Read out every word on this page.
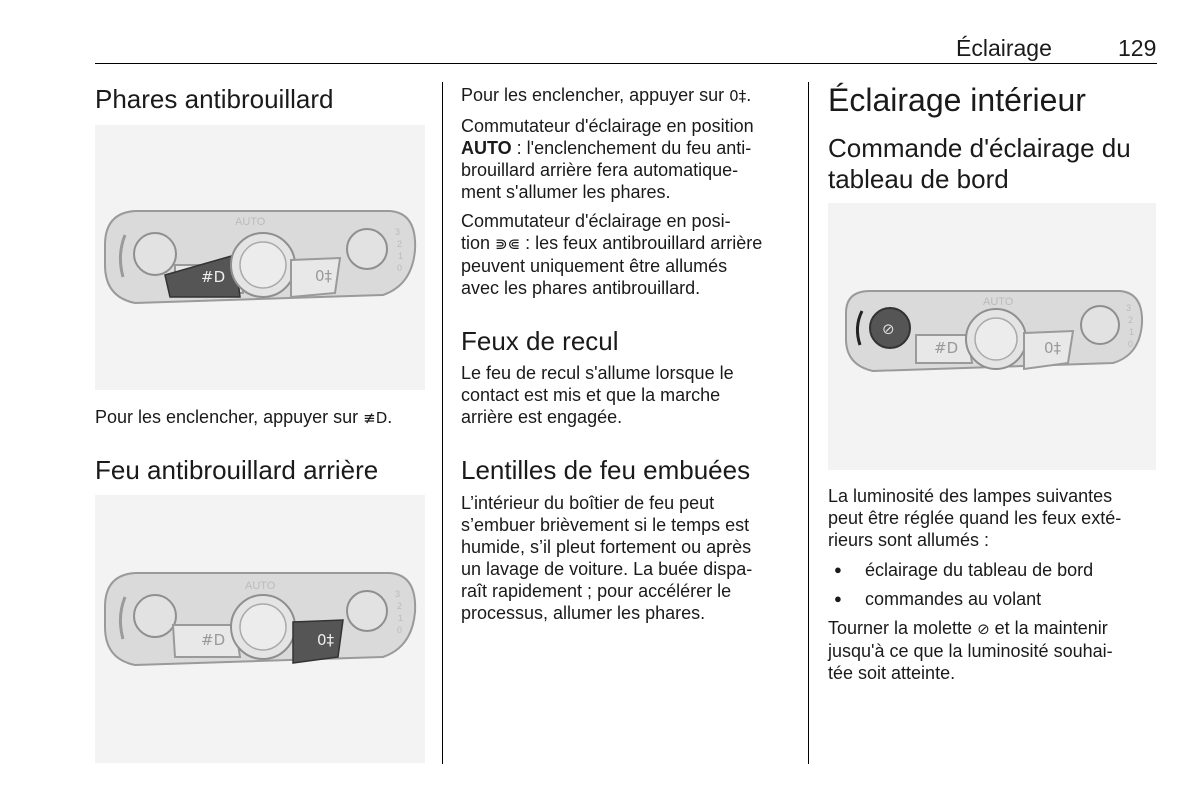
Éclairage	129
Phares antibrouillard
#D	0‡
AUTO
3
2
1
0

Pour les enclencher, appuyer sur ≢D.

Feu antibrouillard arrière
#D	0‡
AUTO
3
2
1
0

Pour les enclencher, appuyer sur 0‡.

Commutateur d'éclairage en position

AUTO : l'enclenchement du feu anti-

brouillard arrière fera automatique-

ment s'allumer les phares.

Commutateur d'éclairage en posi-

tion ⋑⋐ : les feux antibrouillard arrière

peuvent uniquement être allumés

avec les phares antibrouillard.

Feux de recul

Le feu de recul s'allume lorsque le

contact est mis et que la marche

arrière est engagée.

Lentilles de feu embuées

L’intérieur du boîtier de feu peut

s’embuer brièvement si le temps est

humide, s’il pleut fortement ou après

un lavage de voiture. La buée dispa-

raît rapidement ; pour accélérer le

processus, allumer les phares.

Éclairage intérieur
Commande d'éclairage du
tableau de bord
⊘
#D	0‡
AUTO	3
2
1
0

La luminosité des lampes suivantes

peut être réglée quand les feux exté-

rieurs sont allumés :

● éclairage du tableau de bord
● commandes au volant

Tourner la molette ⊘ et la maintenir

jusqu'à ce que la luminosité souhai-

tée soit atteinte.
